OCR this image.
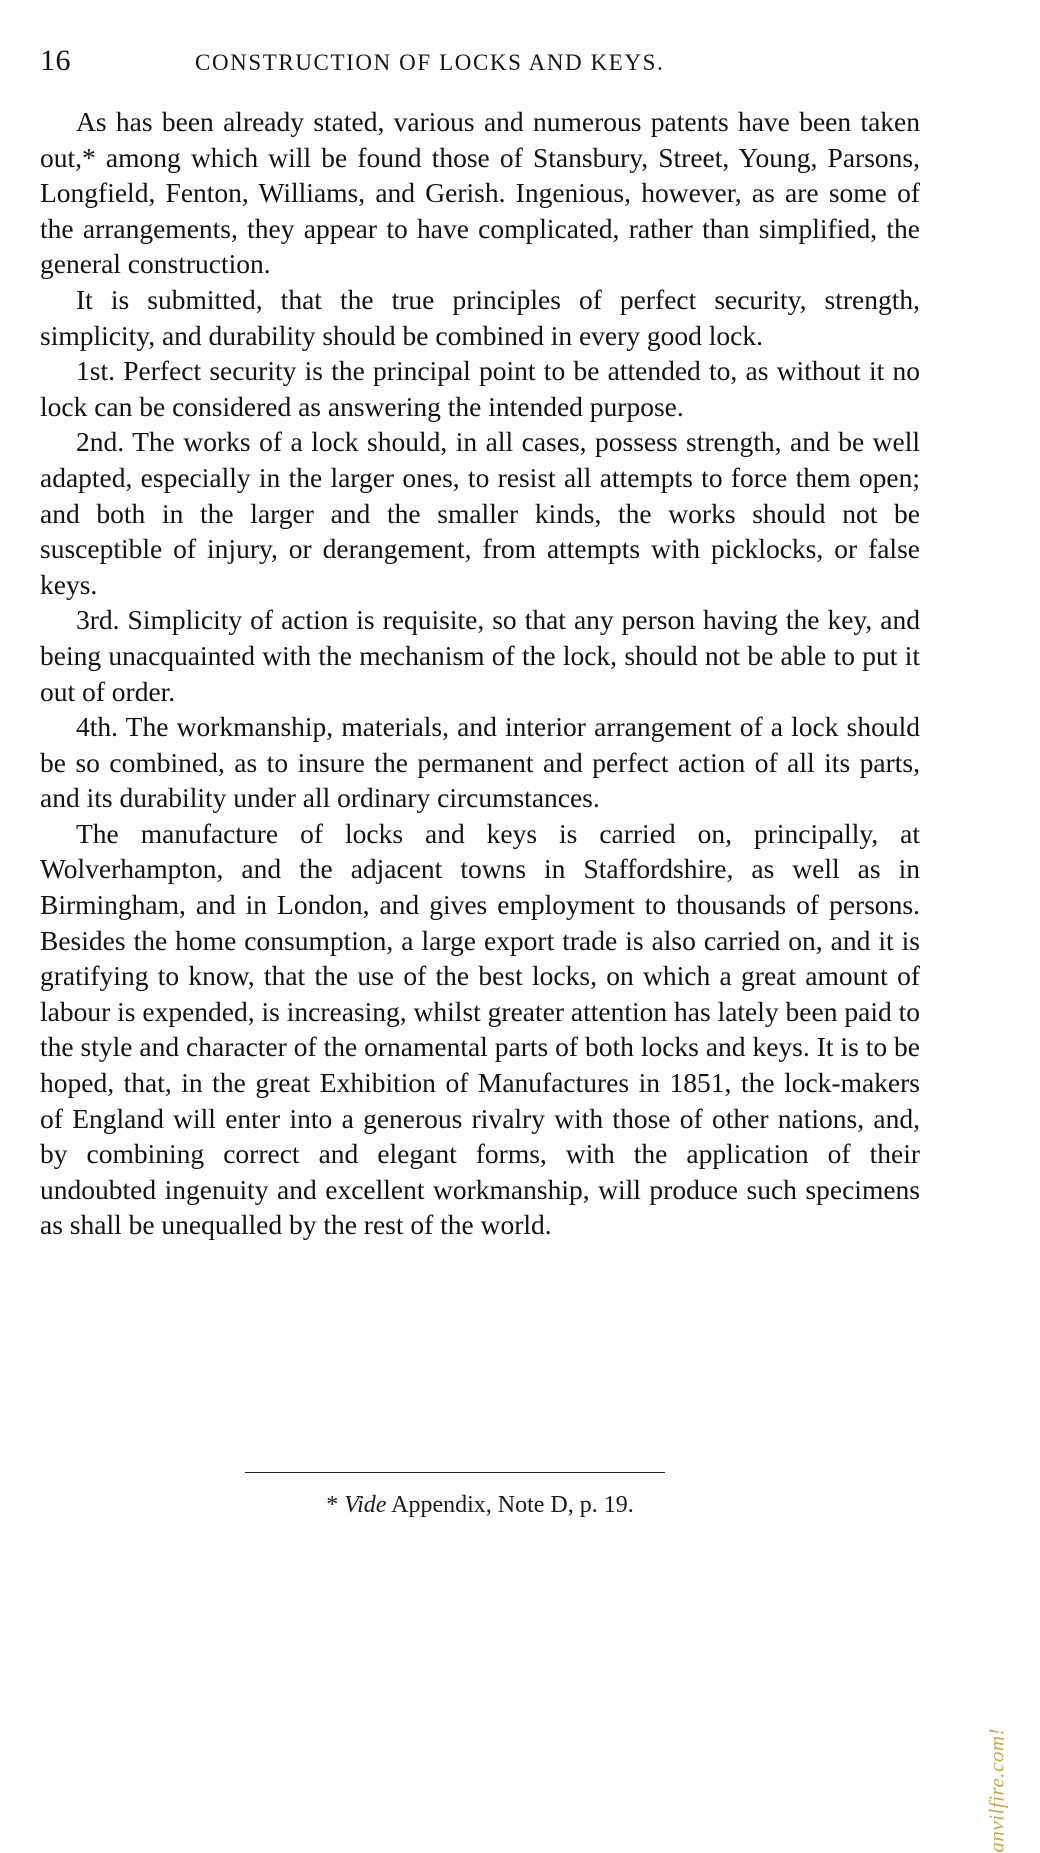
16	CONSTRUCTION OF LOCKS AND KEYS.

As has been already stated, various and numerous patents have been taken out,* among which will be found those of Stansbury, Street, Young, Parsons, Longfield, Fenton, Williams, and Gerish. Ingenious, however, as are some of the arrangements, they appear to have complicated, rather than simplified, the general construction.

It is submitted, that the true principles of perfect security, strength, simplicity, and durability should be combined in every good lock.

1st. Perfect security is the principal point to be attended to, as without it no lock can be considered as answering the intended purpose.

2nd. The works of a lock should, in all cases, possess strength, and be well adapted, especially in the larger ones, to resist all attempts to force them open; and both in the larger and the smaller kinds, the works should not be susceptible of injury, or derangement, from attempts with picklocks, or false keys.

3rd. Simplicity of action is requisite, so that any person having the key, and being unacquainted with the mechanism of the lock, should not be able to put it out of order.

4th. The workmanship, materials, and interior arrangement of a lock should be so combined, as to insure the permanent and perfect action of all its parts, and its durability under all ordinary circumstances.

The manufacture of locks and keys is carried on, principally, at Wolverhampton, and the adjacent towns in Staffordshire, as well as in Birmingham, and in London, and gives employment to thousands of persons. Besides the home consumption, a large export trade is also carried on, and it is gratifying to know, that the use of the best locks, on which a great amount of labour is expended, is increasing, whilst greater attention has lately been paid to the style and character of the ornamental parts of both locks and keys. It is to be hoped, that, in the great Exhibition of Manufactures in 1851, the lock-makers of England will enter into a generous rivalry with those of other nations, and, by combining correct and elegant forms, with the application of their undoubted ingenuity and excellent workmanship, will produce such specimens as shall be unequalled by the rest of the world.

* Vide Appendix, Note D, p. 19.
anvilfire.com!
